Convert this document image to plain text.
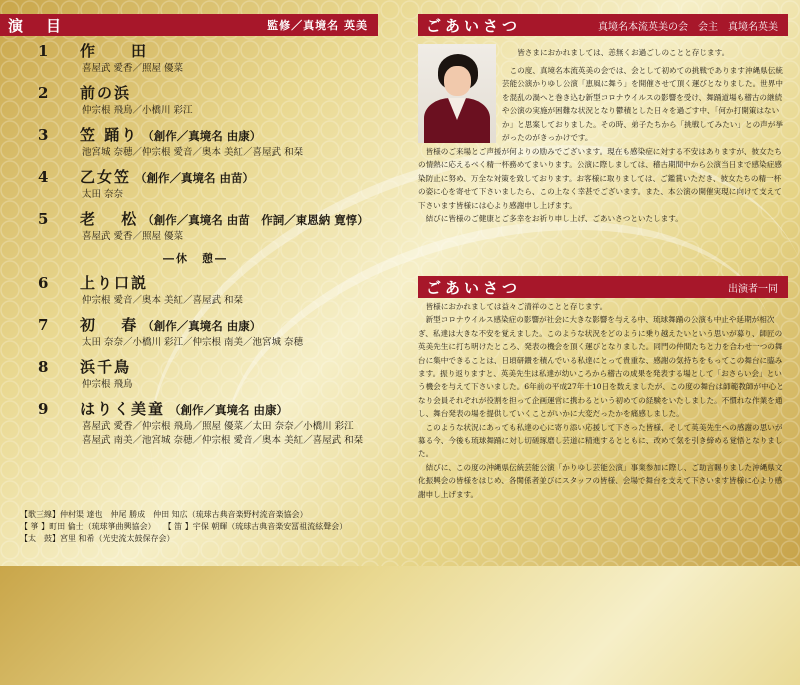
演　目	監修／真境名 英美
1	作　　田
喜屋武 愛香／照屋 優菜
2	前の浜
仲宗根 飛鳥／小橋川 彩江
3	笠 踊り （創作／真境名 由康）
池宮城 奈穂／仲宗根 愛音／奥本 美紅／喜屋武 和栞
4	乙女笠 （創作／真境名 由苗）
太田 奈奈
5	老　 松 （創作／真境名 由苗　作詞／東恩納 寛惇）
喜屋武 愛香／照屋 優菜
―休　憩―
6	上り口説
仲宗根 愛音／奥本 美紅／喜屋武 和栞
7	初　 春 （創作／真境名 由康）
太田 奈奈／小橋川 彩江／仲宗根 南美／池宮城 奈穂
8	浜千鳥
仲宗根 飛鳥
9	はりく美童 （創作／真境名 由康）
喜屋武 愛香／仲宗根 飛鳥／照屋 優菜／太田 奈奈／小橋川 彩江
喜屋武 南美／池宮城 奈穂／仲宗根 愛音／奥本 美紅／喜屋武 和栞
【歌三線】仲村渠 達也　仲尾 勝成　仲田 知広（琉球古典音楽野村流音楽協会）
【 箏 】町田 倫士（琉球箏曲興協会）　　【 笛 】宇保 朝輝（琉球古典音楽安冨祖流絃聲会）
【太　鼓】宮里 和希（光史流太鼓保存会）
ごあいさつ	真境名本流英美の会　会主　真境名英美

皆さまにおかれましては、恙無くお過ごしのことと存じます。

この度、真境名本流英美の会では、会として初めての挑戦であります沖縄県伝統芸能公演かりゆし公演「恵風に舞う」を開催させて頂く運びとなりました。世界中を混乱の渦へと巻き込む新型コロナウイルスの影響を受け、舞踊道場も稽古の継続や公演の実施が困難な状況となり鬱積とした日々を過ごす中、「何か打開策はないか」と思案しておりました。その時、弟子たちから「挑戦してみたい」との声が挙がったのがきっかけです。

皆様のご来場とご声援が何よりの励みでございます。現在も感染症に対する不安はありますが、彼女たちの情熱に応えるべく精一杯務めてまいります。公演に際しましては、稽古期間中から公演当日まで感染症感染防止に努め、万全な対策を致しております。お客様に取りましては、ご鑑賞いただき、彼女たちの精一杯の姿に心を寄せて下さいましたら、この上なく幸甚でございます。また、本公演の開催実現に向けて支えて下さいます皆様には心より感謝申し上げます。

結びに皆様のご健康とご多幸をお祈り申し上げ、ごあいさつといたします。

ごあいさつ	出演者一同

皆様におかれましては益々ご清祥のことと存じます。

新型コロナウイルス感染症の影響が社会に大きな影響を与える中、琉球舞踊の公演も中止や延期が相次ぎ、私達は大きな不安を覚えました。このような状況をどのように乗り越えたいという思いが募り、師匠の英美先生に打ち明けたところ、発表の機会を頂く運びとなりました。同門の仲間たちと力を合わせ一つの舞台に集中できることは、日頃研鑽を積んでいる私達にとって貴重な、感謝の気持ちをもってこの舞台に臨みます。振り返りますと、英美先生は私達が幼いころから稽古の成果を発表する場として「おさらい会」という機会を与えて下さいました。6年前の平成27年十10日を数えましたが、この度の舞台は師範教師が中心となり会員それぞれが役割を担って企画運営に携わるという初めての経験をいたしました。不慣れな作業を通し、舞台発表の場を提供していくことがいかに大変だったかを痛感しました。

このような状況にあっても私達の心に寄り添い応援して下さった皆様、そして英美先生への感謝の思いが募る今、今後も琉球舞踊に対し切磋琢磨し芸道に精進するとともに、改めて気を引き締める覚悟となりました。

結びに、この度の沖縄県伝統芸能公演「かりゆし芸能公演」事業参加に際し、ご助言賜りました沖縄県文化振興会の皆様をはじめ、各関係者並びにスタッフの皆様、会場で舞台を支えて下さいます皆様に心より感謝申し上げます。
